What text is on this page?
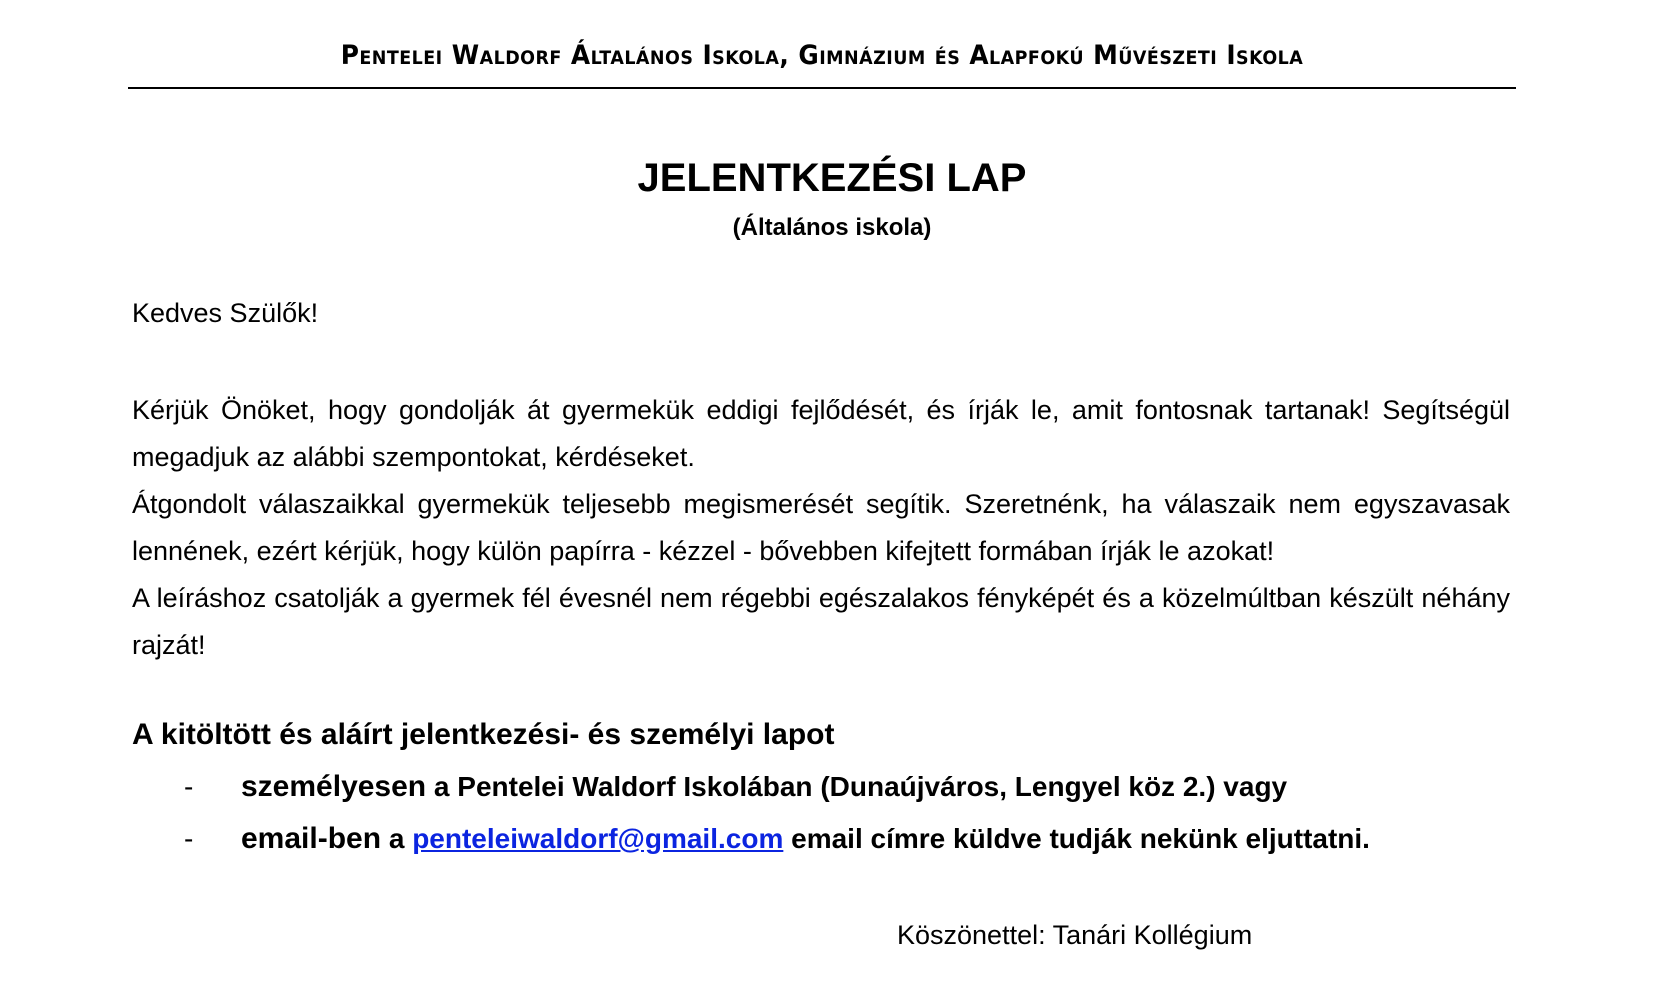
Pentelei Waldorf Általános Iskola, Gimnázium és Alapfokú Művészeti Iskola
JELENTKEZÉSI LAP
(Általános iskola)
Kedves Szülők!

Kérjük Önöket, hogy gondolják át gyermekük eddigi fejlődését, és írják le, amit fontosnak tartanak! Segítségül megadjuk az alábbi szempontokat, kérdéseket.

Átgondolt válaszaikkal gyermekük teljesebb megismerését segítik. Szeretnénk, ha válaszaik nem egyszavasak lennének, ezért kérjük, hogy külön papírra - kézzel - bővebben kifejtett formában írják le azokat!

A leíráshoz csatolják a gyermek fél évesnél nem régebbi egészalakos fényképét és a közelmúltban készült néhány rajzát!

A kitöltött és aláírt jelentkezési- és személyi lapot
- személyesen a Pentelei Waldorf Iskolában (Dunaújváros, Lengyel köz 2.) vagy
- email-ben a penteleiwaldorf@gmail.com email címre küldve tudják nekünk eljuttatni.
Köszönettel: Tanári Kollégium
